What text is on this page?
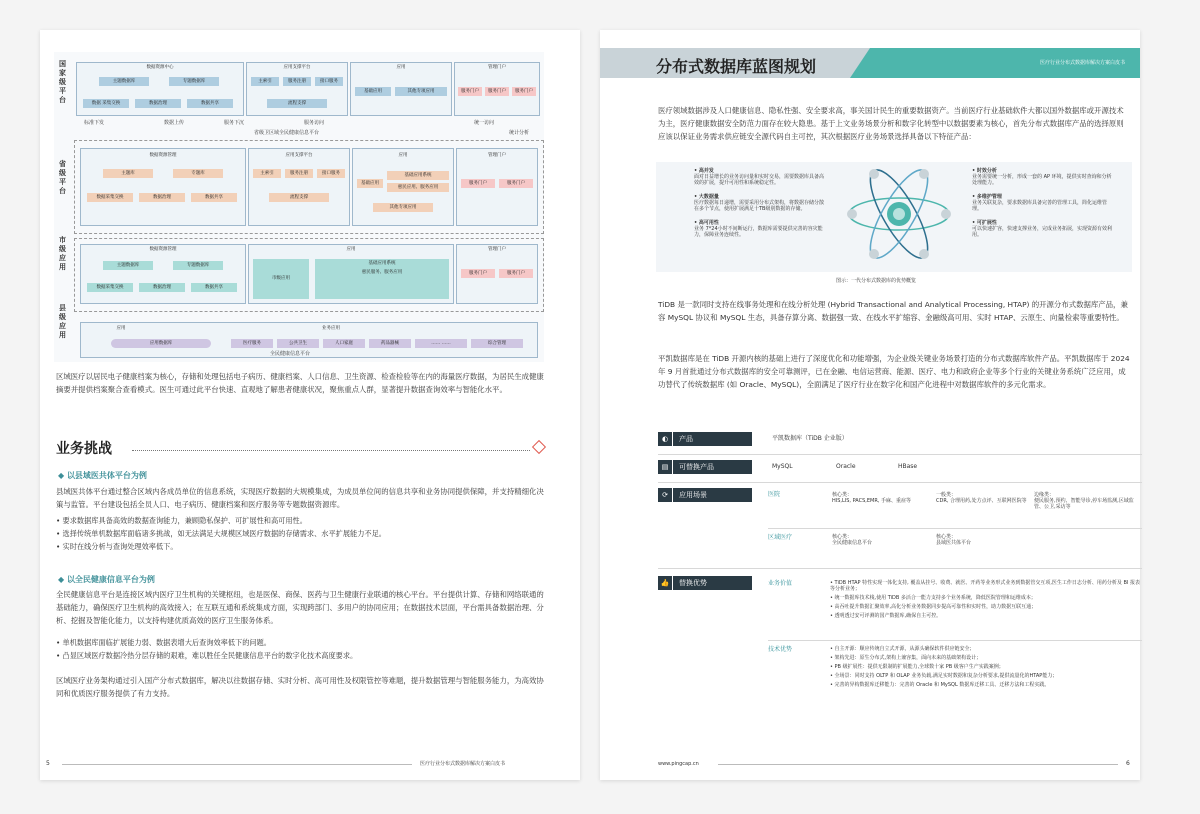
国家级平台
省级平台
市级应用
县级应用
数据资源中心
主题数据库	专题数据库
数据 采集交换	数据治理	数据共享
应用支撑平台
主索引	服务注册	接口服务
流程支撑
应用
基础应用	其他专项应用
管理门户
服务门户	服务门户	服务门户
标准下发	数据上传	服务下沉	服务访问	统一访问
统计分析
省级卫区域全民健康信息平台
数据资源管理
主题库	专题库
数据采集交换	数据治理	数据共享
应用支撑平台
主索引	服务注册	接口服务
流程支撑
应用
基础应用
基础应用系统
惠民应用、服务应用
其他专项应用
管理门户
服务门户	服务门户
数据资源管理
主题数据库	专题数据库
数据采集交换	数据治理	数据共享
应用
市级应用
基础应用系统
惠民服务、服务应用
管理门户
服务门户	服务门户
应用	业务应用
应用数据库	医疗服务	公共卫生	人口家庭	药品器械	…… ……	综合管理
全民健康信息平台
区域医疗以居民电子健康档案为核心，存储和处理包括电子病历、健康档案、人口信息、卫生资源、检查检验等在内的海量医疗数据，为居民生成健康摘要并提供档案聚合查看模式。医生可通过此平台快速、直观地了解患者健康状况，聚焦重点人群，显著提升数据查询效率与智能化水平。
业务挑战
◆ 以县域医共体平台为例
县域医共体平台通过整合区域内各成员单位的信息系统，实现医疗数据的大规模集成，为成员单位间的信息共享和业务协同提供保障，并支持精细化决策与监管。平台建设包括全员人口、电子病历、健康档案和医疗服务等专题数据资源库。
• 要求数据库具备高效的数据查询能力，兼顾隐私保护、可扩展性和高可用性。
• 选择传统单机数据库面临诸多挑战，如无法满足大规模区域医疗数据的存储需求、水平扩展能力不足。
• 实时在线分析与查询处理效率低下。
◆ 以全民健康信息平台为例
全民健康信息平台是连接区域内医疗卫生机构的关键枢纽，也是医保、商保、医药与卫生健康行业联通的核心平台。平台提供计算、存储和网络联通的基础能力，确保医疗卫生机构的高效接入；在互联互通和系统集成方面，实现跨部门、多用户的协同应用；在数据技术层面，平台需具备数据治理、分析、挖掘及智能化能力，以支持构建优质高效的医疗卫生服务体系。
• 单机数据库面临扩展能力弱、数据表增大后查询效率低下的问题。
• 凸显区域医疗数据冷热分层存储的艰难，难以胜任全民健康信息平台的数字化技术高度要求。
区域医疗业务架构通过引入国产分布式数据库，解决以往数据存储、实时分析、高可用性及权限管控等难题，提升数据管理与智能服务能力，为高效协同和优质医疗服务提供了有力支持。
5	医疗行业分布式数据库解决方案白皮书
分布式数据库蓝图规划	医疗行业分布式数据库解决方案白皮书
医疗领域数据涉及人口健康信息、隐私性强、安全要求高，事关国计民生的重要数据资产。当前医疗行业基础软件大都以国外数据库或开源技术为主，医疗健康数据安全防范力面存在较大隐患。基于上文业务场景分析和数字化转型中以数据要素为核心，首先分布式数据库产品的选择原则应该以保证业务需求供应链安全源代码自主可控，其次根据医疗业务场景选择具备以下特征产品：
• 高并发
面对日益增长的业务访问量和实时交易，需要数据库具备高效的扩展，提升可用性和系统稳定性。
• 大数据量
医疗数据每日递增，需要采用分布式架构，将数据存储分散在多个节点，使用扩展满足十TB级别数据的存储。
• 高可用性
业务 7*24小时不间断运行，数据库需要提供完善的容灾能力，保障业务连续性。
• 时效分析
业务需要统一分析，形成一套的 AP 环境，提供实时查询和分析处理能力。
• 多维护管理
业务关联复杂，要求数据库具备完善的管理工具，简化运维管理。
• 可扩展性
可以快速扩容，快速支撑业务，完成业务拓展，实现资源有效利用。
图示：一代分布式数据库的优势概览
TiDB 是一款同时支持在线事务处理和在线分析处理 (Hybrid Transactional and Analytical Processing, HTAP) 的开源分布式数据库产品，兼容 MySQL 协议和 MySQL 生态，具备存算分离、数据强一致、在线水平扩缩容、金融级高可用、实时 HTAP、云原生、向量检索等重要特性。
平凯数据库是在 TiDB 开源内核的基础上进行了深度优化和功能增强，为企业级关键业务场景打造的分布式数据库软件产品。平凯数据库于 2024 年 9 月首批通过分布式数据库的安全可靠测评，已在金融、电信运营商、能源、医疗、电力和政府企业等多个行业的关键业务系统广泛应用，成功替代了传统数据库 (如 Oracle、MySQL)，全面满足了医疗行业在数字化和国产化进程中对数据库软件的多元化需求。
◐ 产品	平凯数据库（TiDB 企业版）
▤ 可替换产品	MySQL	Oracle	HBase
⟳ 应用场景	医院	核心类：
HIS,LIS, PACS,EMR, 手麻、重症等
一般类：
CDR, 合理用药,处方点评、互联网医院等
边缘类：
便民服务,预约、智能导诊,停车场监测,区域监管、公卫,采访等
区域医疗	核心类：
全民健康信息平台
核心类：
县域医共体平台
👍 替换优势	业务价值	• TiDB HTAP 特性实现一体化支持, 覆盖从挂号、收费、就医、开药等业务形式业务到数据管交互项,医生工作日志分析、用药分析及 BI 报表等分析业务；
• 统一数据库技术栈,使用 TiDB 多活合一能力支持多个业务系统，降低医院管理和运维成本；
• 高吞吐提升数据汇聚效率,高化分析业务数据同步提高可靠性和实时性，助力数据互联互通；
• 透明透过安可评测的国产数据库,确保自主可控。
技术优势	• 自主开源：顺应传统自立式开源，从源头确保软件供应链安全；
• 架构先进：原生分布式,架构上兼容集，面向未来的基础架构设计；
• PB 级扩展性：提供无限制的扩展能力,全球数十家 PB 级客户生产实践案例；
• 全场景：同时支持 OLTP 和 OLAP 业务负载,满足实时数据和复杂分析要求,提供流量化的HTAP能力；
• 完善的异构数据库迁移能力：完善的 Oracle 和 MySQL 数据库迁移工具、迁移方法和工程实践。
www.pingcap.cn	6
